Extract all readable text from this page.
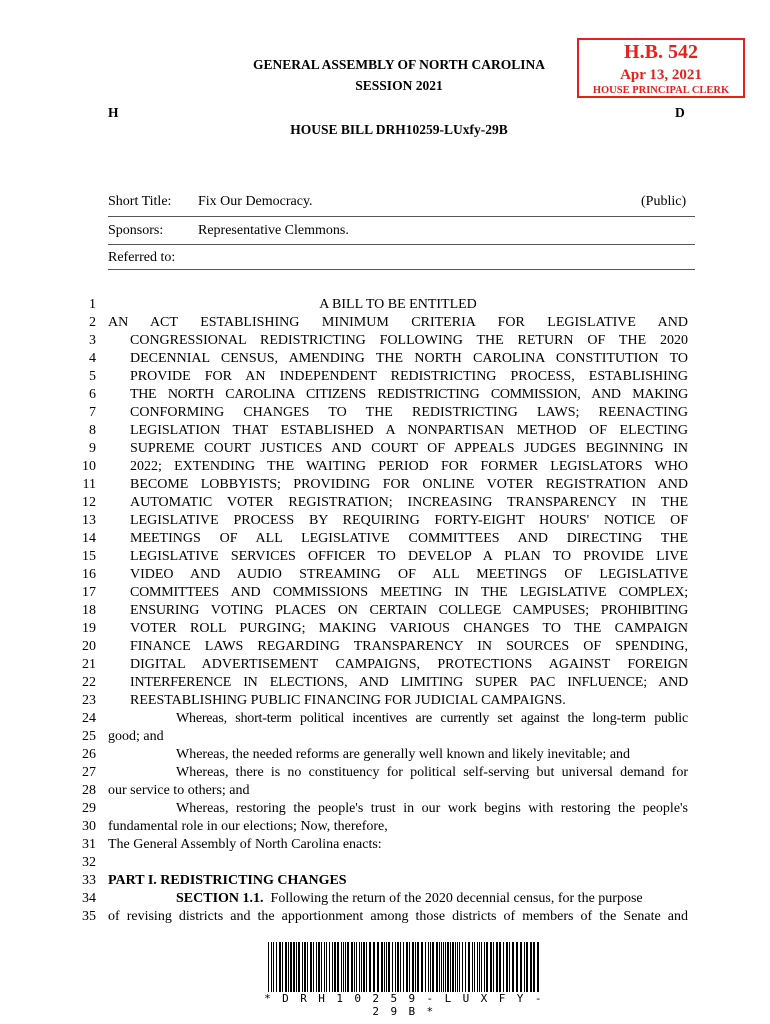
H.B. 542
Apr 13, 2021
HOUSE PRINCIPAL CLERK
GENERAL ASSEMBLY OF NORTH CAROLINA
SESSION 2021
H	D
HOUSE BILL DRH10259-LUxfy-29B
Short Title: Fix Our Democracy.	(Public)
Sponsors: Representative Clemmons.
Referred to:
1	A BILL TO BE ENTITLED
2 AN ACT ESTABLISHING MINIMUM CRITERIA FOR LEGISLATIVE AND
3 CONGRESSIONAL REDISTRICTING FOLLOWING THE RETURN OF THE 2020
4 DECENNIAL CENSUS, AMENDING THE NORTH CAROLINA CONSTITUTION TO
5 PROVIDE FOR AN INDEPENDENT REDISTRICTING PROCESS, ESTABLISHING
6 THE NORTH CAROLINA CITIZENS REDISTRICTING COMMISSION, AND MAKING
7 CONFORMING CHANGES TO THE REDISTRICTING LAWS; REENACTING
8 LEGISLATION THAT ESTABLISHED A NONPARTISAN METHOD OF ELECTING
9 SUPREME COURT JUSTICES AND COURT OF APPEALS JUDGES BEGINNING IN
10 2022; EXTENDING THE WAITING PERIOD FOR FORMER LEGISLATORS WHO
11 BECOME LOBBYISTS; PROVIDING FOR ONLINE VOTER REGISTRATION AND
12 AUTOMATIC VOTER REGISTRATION; INCREASING TRANSPARENCY IN THE
13 LEGISLATIVE PROCESS BY REQUIRING FORTY-EIGHT HOURS' NOTICE OF
14 MEETINGS OF ALL LEGISLATIVE COMMITTEES AND DIRECTING THE
15 LEGISLATIVE SERVICES OFFICER TO DEVELOP A PLAN TO PROVIDE LIVE
16 VIDEO AND AUDIO STREAMING OF ALL MEETINGS OF LEGISLATIVE
17 COMMITTEES AND COMMISSIONS MEETING IN THE LEGISLATIVE COMPLEX;
18 ENSURING VOTING PLACES ON CERTAIN COLLEGE CAMPUSES; PROHIBITING
19 VOTER ROLL PURGING; MAKING VARIOUS CHANGES TO THE CAMPAIGN
20 FINANCE LAWS REGARDING TRANSPARENCY IN SOURCES OF SPENDING,
21 DIGITAL ADVERTISEMENT CAMPAIGNS, PROTECTIONS AGAINST FOREIGN
22 INTERFERENCE IN ELECTIONS, AND LIMITING SUPER PAC INFLUENCE; AND
23 REESTABLISHING PUBLIC FINANCING FOR JUDICIAL CAMPAIGNS.
24	Whereas, short-term political incentives are currently set against the long-term public
25 good; and
26	Whereas, the needed reforms are generally well known and likely inevitable; and
27	Whereas, there is no constituency for political self-serving but universal demand for
28 our service to others; and
29	Whereas, restoring the people's trust in our work begins with restoring the people's
30 fundamental role in our elections; Now, therefore,
31 The General Assembly of North Carolina enacts:
32
33 PART I. REDISTRICTING CHANGES
34	SECTION 1.1. Following the return of the 2020 decennial census, for the purpose
35 of revising districts and the apportionment among those districts of members of the Senate and
* D R H 1 0 2 5 9 - L U X F Y - 2 9 B *
